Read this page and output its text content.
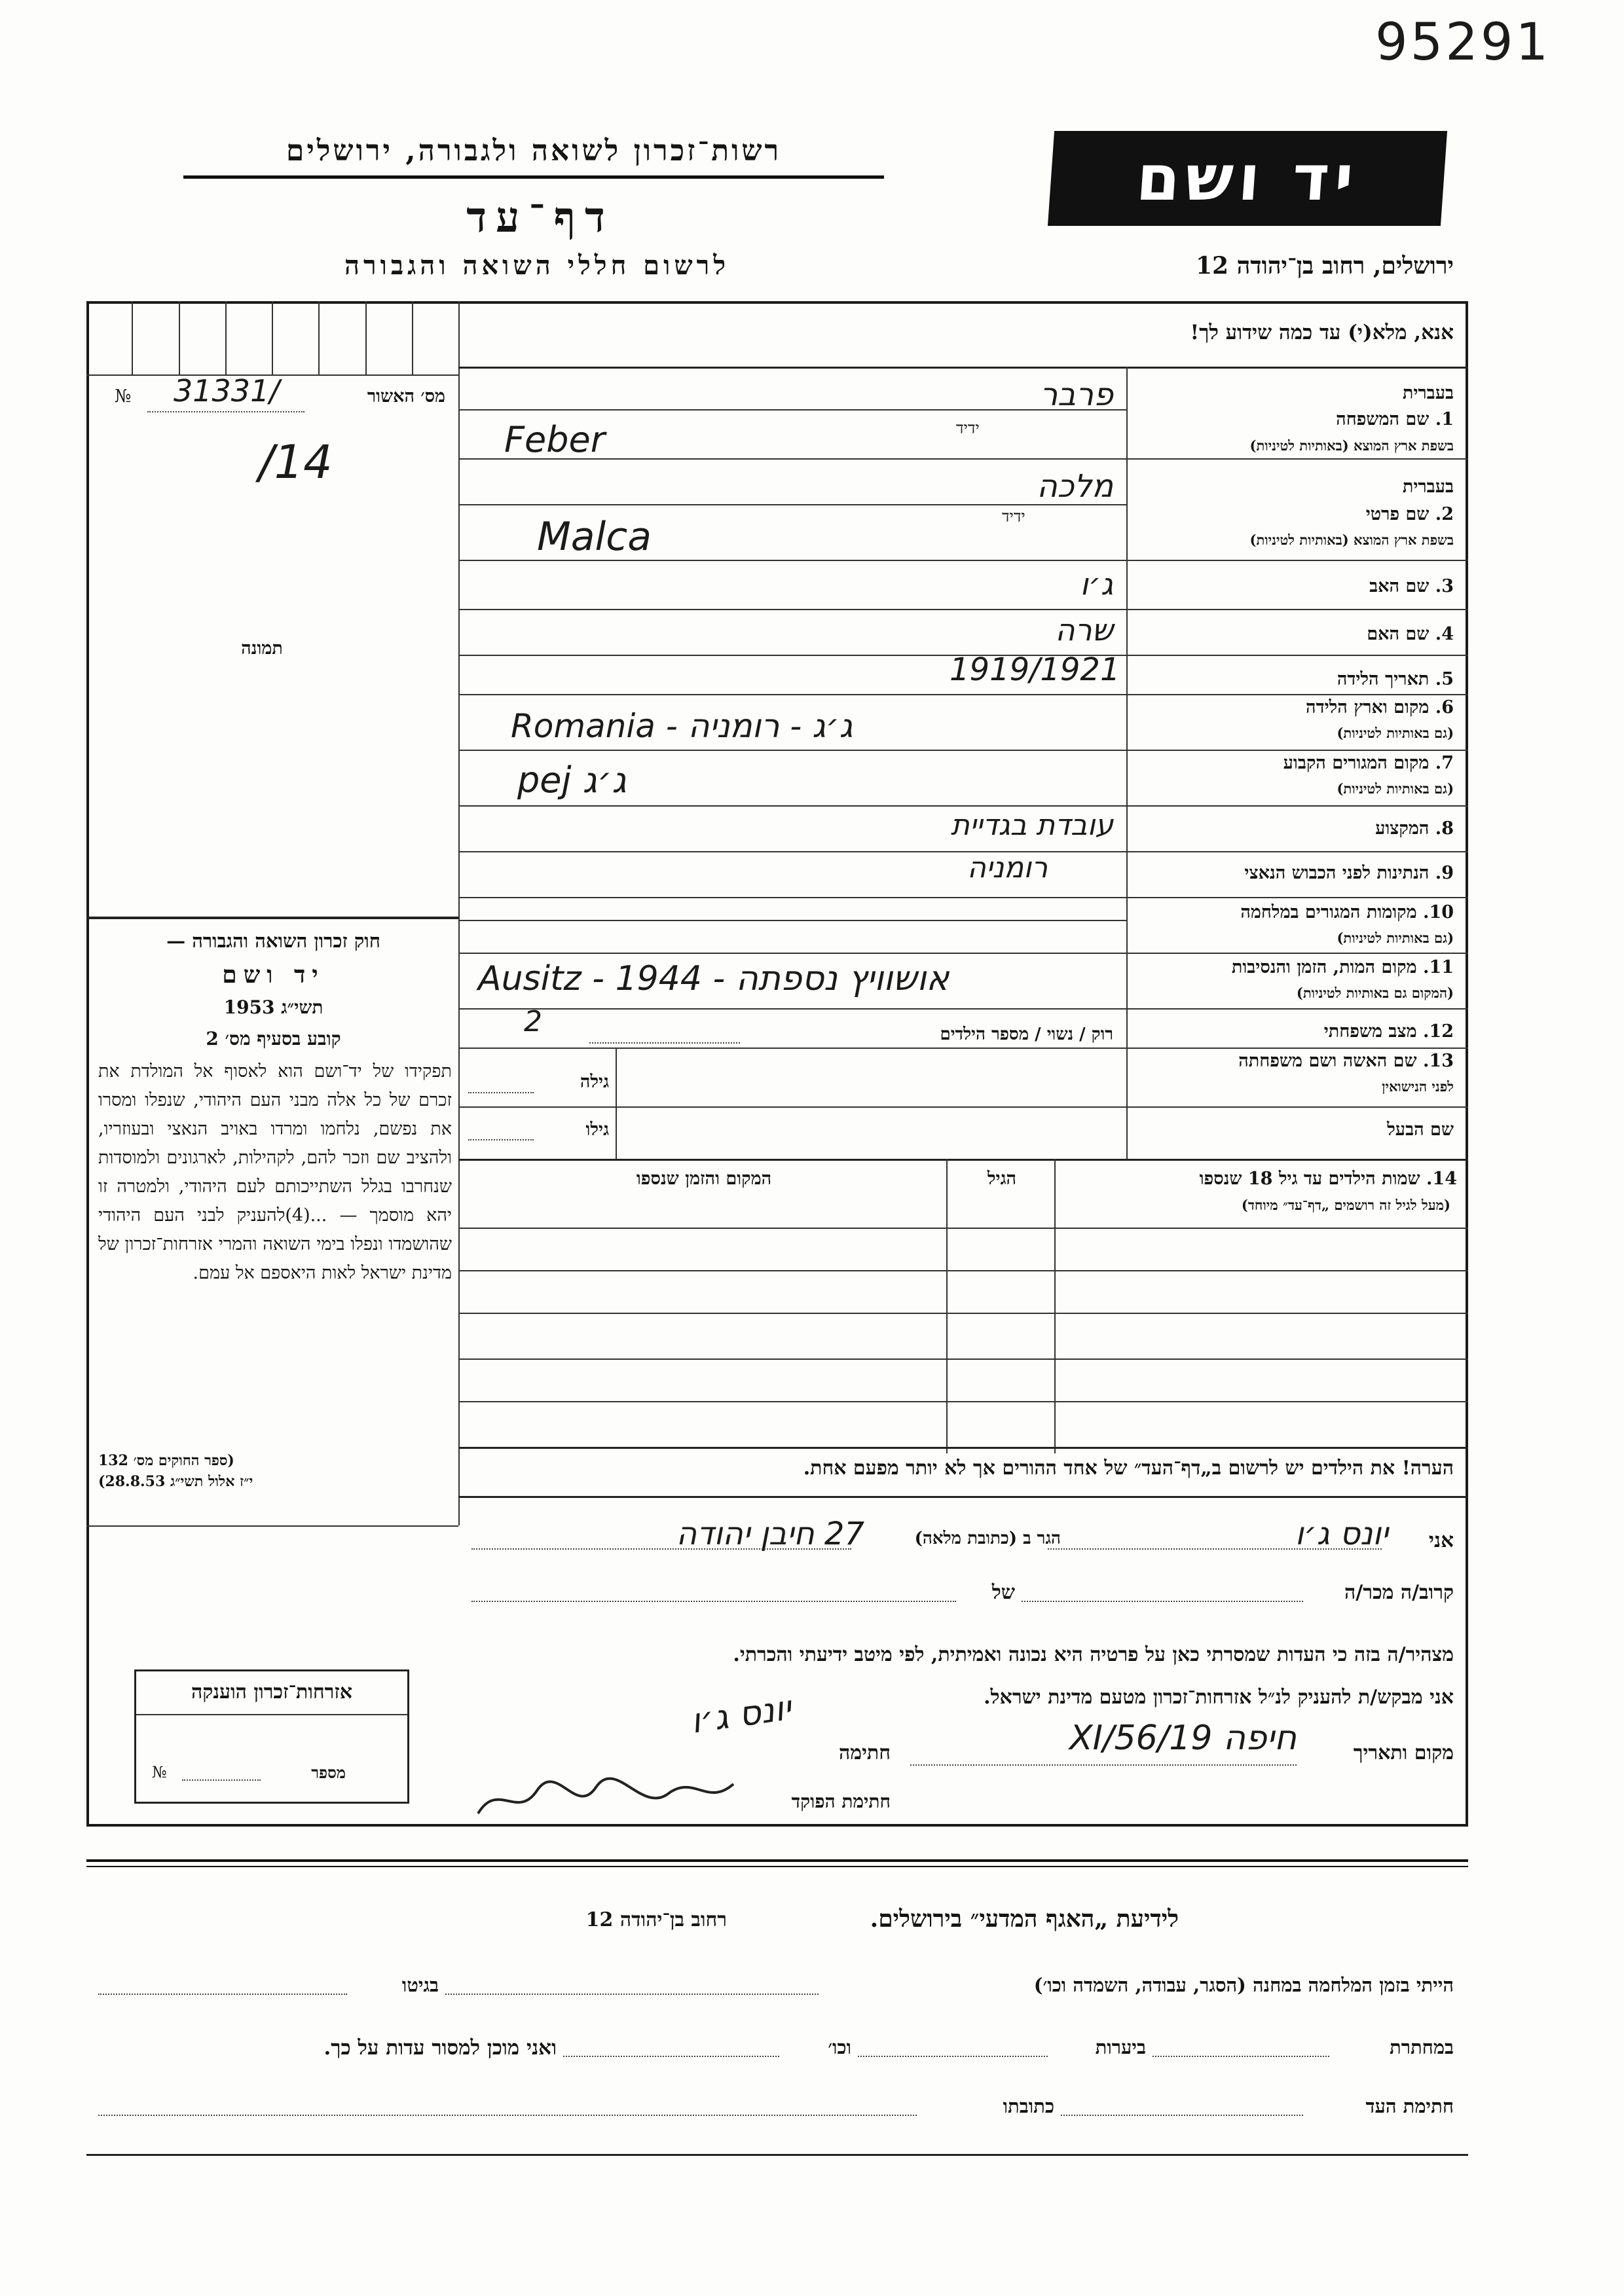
95291
רשות־זכרון לשואה ולגבורה, ירושלים
דף־עד
לרשום חללי השואה והגבורה
יד ושם
ירושלים, רחוב בן־יהודה 12
מס׳ האשור
№ 31331/
/14
תמונה
חוק זכרון השואה והגבורה —
יד ושם
תשי״ג 1953
קובע בסעיף מס׳ 2
תפקידו של יד־ושם הוא לאסוף אל המולדת את זכרם של כל אלה מבני העם היהודי, שנפלו ומסרו את נפשם, נלחמו ומרדו באויב הנאצי ובעוזריו, ולהציב שם וזכר להם, לקהילות, לארגונים ולמוסדות שנחרבו בגלל השתייכותם לעם היהודי, ולמטרה זו יהא מוסמך — ...(4)להעניק לבני העם היהודי שהושמדו ונפלו בימי השואה והמרי אזרחות־זכרון של מדינת ישראל לאות היאספם אל עמם.
(ספר החוקים מס׳ 132
י״ז אלול תשי״ג 28.8.53)
אזרחות־זכרון הוענקה
№	מספר
אנא, מלא(י) עד כמה שידוע לך!
בעברית
1. שם המשפחה
בשפת ארץ המוצא (באותיות לטיניות)
פרבר
ידיד
Feber
בעברית
2. שם פרטי
בשפת ארץ המוצא (באותיות לטיניות)
מלכה
ידיד
Malca
3. שם האב
ג׳ו
4. שם האם
שרה
5. תאריך הלידה
1919/1921
6. מקום וארץ הלידה
(גם באותיות לטיניות)
Romania - ג׳ג - רומניה
7. מקום המגורים הקבוע
(גם באותיות לטיניות)
pej ג׳ג
8. המקצוע
עובדת בגדיית
9. הנתינות לפני הכבוש הנאצי
רומניה
10. מקומות המגורים במלחמה
(גם באותיות לטיניות)
11. מקום המות, הזמן והנסיבות
(המקום גם באותיות לטיניות)
Ausitz - 1944 - אושוויץ נספתה
12. מצב משפחתי
רוק / נשוי / מספר הילדים
2
13. שם האשה ושם משפחתה
לפני הנישואין
גילה
שם הבעל
גילו
14. שמות הילדים עד גיל 18 שנספו
(מעל לגיל זה רושמים „דף־עד״ מיוחד)
הגיל
המקום והזמן שנספו
הערה! את הילדים יש לרשום ב„דף־העד״ של אחד ההורים אך לא יותר מפעם אחת.
אני
יונס ג׳ו
הגר ב (כתובת מלאה)
27 חיבן יהודה
קרוב/ה מכר/ה
של
מצהיר/ה בזה כי העדות שמסרתי כאן על פרטיה היא נכונה ואמיתית, לפי מיטב ידיעתי והכרתי.
אני מבקש/ת להעניק לנ״ל אזרחות־זכרון מטעם מדינת ישראל.
מקום ותאריך
חיפה 19/XI/56
חתימה
יונס ג׳ו
חתימת הפוקד
לידיעת „האגף המדעי״ בירושלים.
רחוב בן־יהודה 12
הייתי בזמן המלחמה במחנה (הסגר, עבודה, השמדה וכו׳)
בגיטו
במחתרת
ביערות
וכו׳
ואני מוכן למסור עדות על כך.
חתימת העד
כתובתו
